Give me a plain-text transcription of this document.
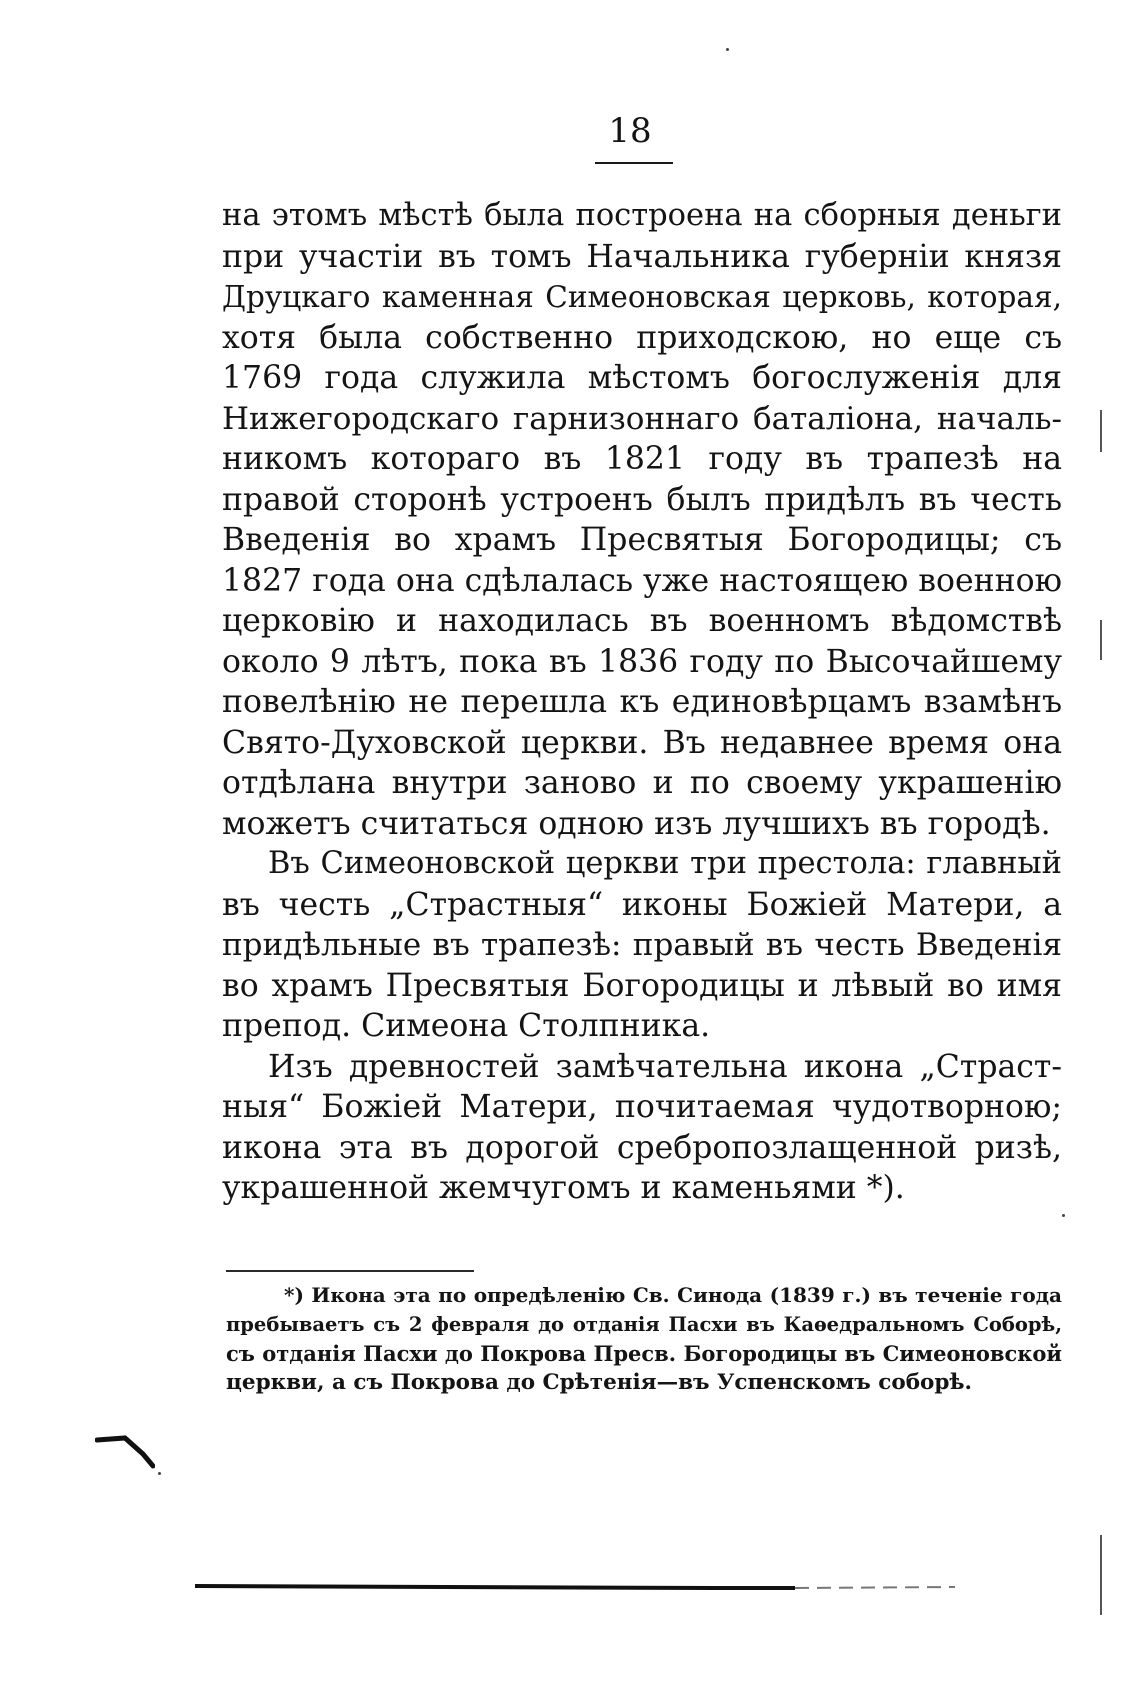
18
на этомъ мѣстѣ была построена на сборныя деньги
при участіи въ томъ Начальника губерніи князя
Друцкаго каменная Симеоновская церковь, которая,
хотя была собственно приходскою, но еще съ
1769 года служила мѣстомъ богослуженія для
Нижегородскаго гарнизоннаго баталіона, началь-
никомъ котораго въ 1821 году въ трапезѣ на
правой сторонѣ устроенъ былъ придѣлъ въ честь
Введенія во храмъ Пресвятыя Богородицы; съ
1827 года она сдѣлалась уже настоящею военною
церковію и находилась въ военномъ вѣдомствѣ
около 9 лѣтъ, пока въ 1836 году по Высочайшему
повелѣнію не перешла къ единовѣрцамъ взамѣнъ
Свято-Духовской церкви. Въ недавнее время она
отдѣлана внутри заново и по своему украшенію
можетъ считаться одною изъ лучшихъ въ городѣ.
Въ Симеоновской церкви три престола: главный
въ честь „Страстныя“ иконы Божіей Матери, а
придѣльные въ трапезѣ: правый въ честь Введенія
во храмъ Пресвятыя Богородицы и лѣвый во имя
препод. Симеона Столпника.
Изъ древностей замѣчательна икона „Страст-
ныя“ Божіей Матери, почитаемая чудотворною;
икона эта въ дорогой сребропозлащенной ризѣ,
украшенной жемчугомъ и каменьями *).
*) Икона эта по опредѣленію Св. Синода (1839 г.) въ теченіе года
пребываетъ съ 2 февраля до отданія Пасхи въ Каѳедральномъ Соборѣ,
съ отданія Пасхи до Покрова Пресв. Богородицы въ Симеоновской
церкви, а съ Покрова до Срѣтенія—въ Успенскомъ соборѣ.
